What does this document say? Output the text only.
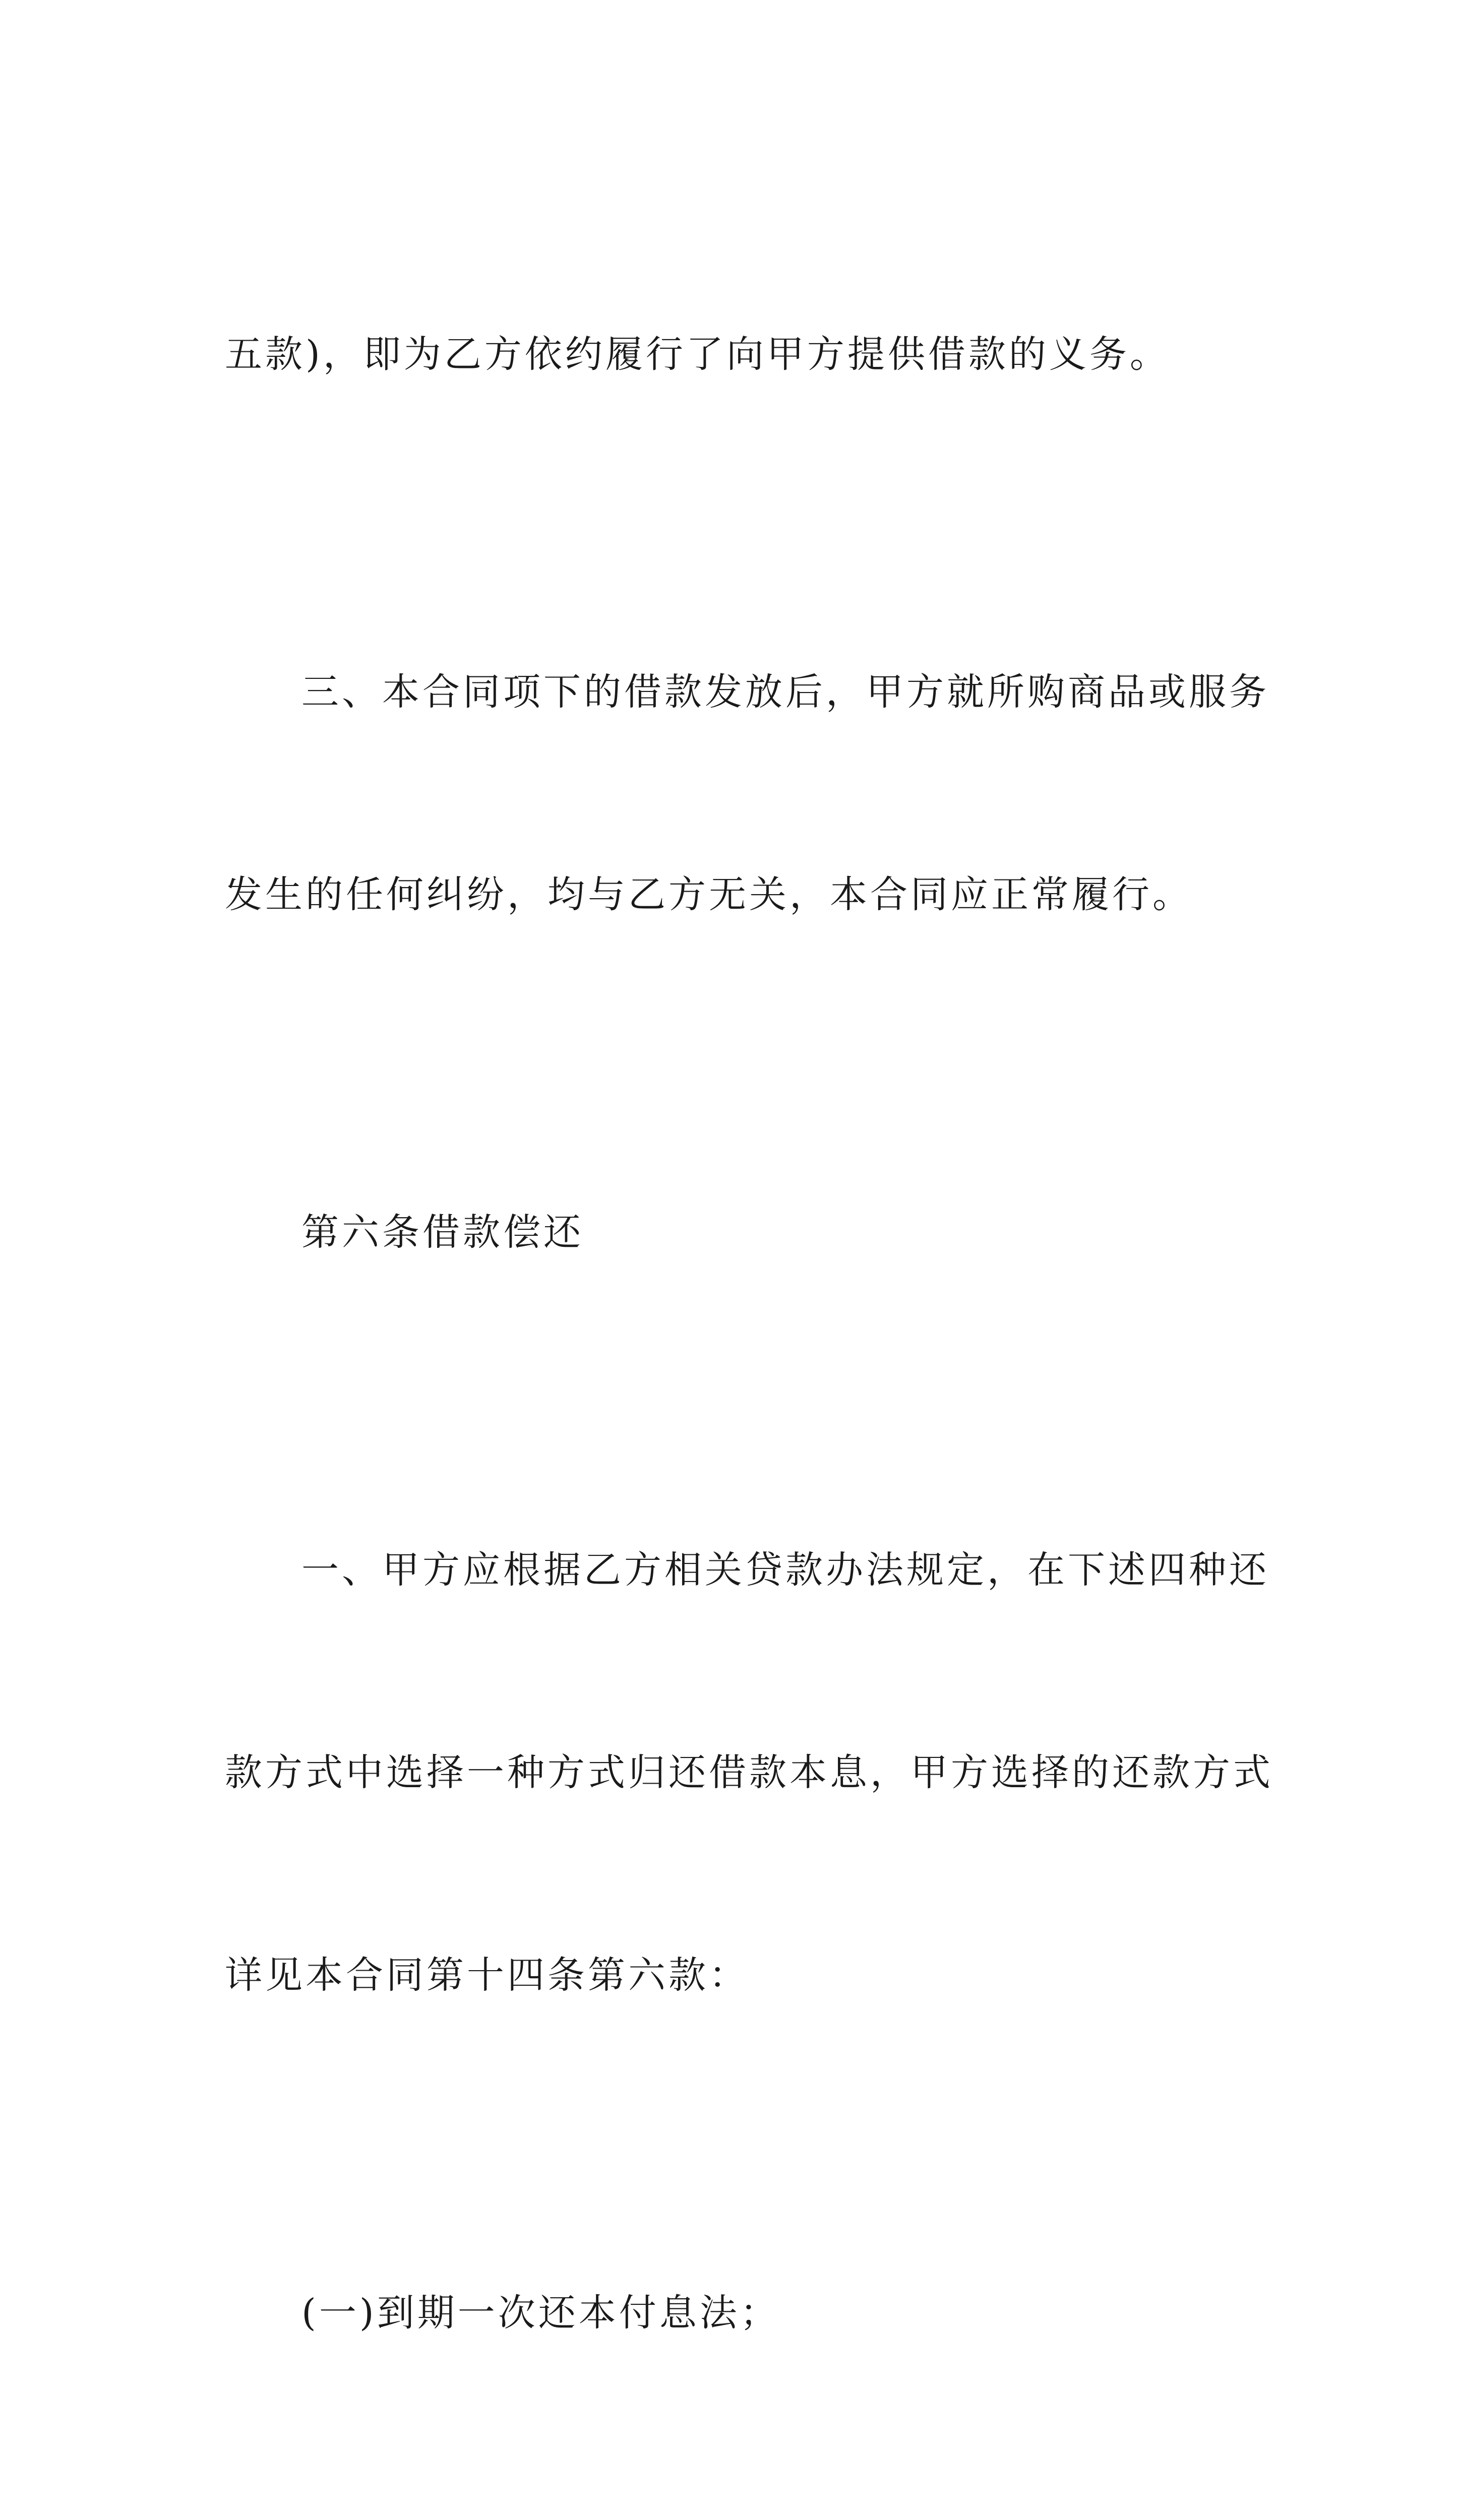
五款)，即为乙方依约履行了向甲方提供借款的义务。

三、本合同项下的借款发放后，甲方就所购商品或服务

发生的任何纠纷，均与乙方无关，本合同应正常履行。

第六条借款偿还

一、甲方应根据乙方相关贷款办法规定，在下述四种还

款方式中选择一种方式归还借款本息，甲方选择的还款方式

详见本合同第十四条第六款：

(一)到期一次还本付息法；
